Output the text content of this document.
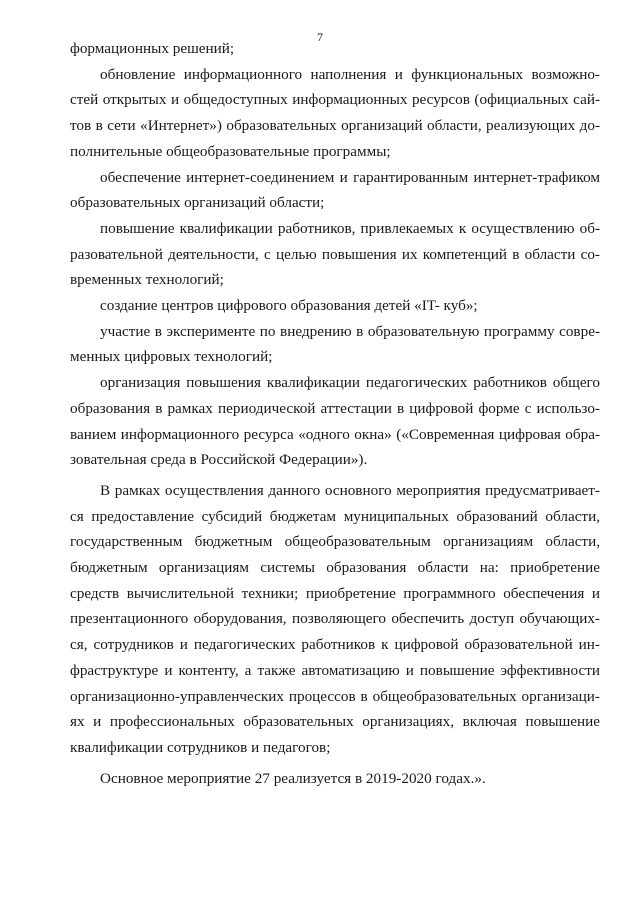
7
формационных решений;
обновление информационного наполнения и функциональных возможно-
стей открытых и общедоступных информационных ресурсов (официальных сай-
тов в сети «Интернет») образовательных организаций области, реализующих до-
полнительные общеобразовательные программы;
обеспечение интернет-соединением и гарантированным интернет-трафиком
образовательных организаций области;
повышение квалификации работников, привлекаемых к осуществлению об-
разовательной деятельности, с целью повышения их компетенций в области со-
временных технологий;
создание центров цифрового образования детей «IT- куб»;
участие в эксперименте по внедрению в образовательную программу совре-
менных цифровых технологий;
организация повышения квалификации педагогических работников общего
образования в рамках периодической аттестации в цифровой форме с использо-
ванием информационного ресурса «одного окна» («Современная цифровая обра-
зовательная среда в Российской Федерации»).
В рамках осуществления данного основного мероприятия предусматривает-
ся предоставление субсидий бюджетам муниципальных образований области,
государственным бюджетным общеобразовательным организациям области,
бюджетным организациям системы образования области на: приобретение
средств вычислительной техники; приобретение программного обеспечения и
презентационного оборудования, позволяющего обеспечить доступ обучающих-
ся, сотрудников и педагогических работников к цифровой образовательной ин-
фраструктуре и контенту, а также автоматизацию и повышение эффективности
организационно-управленческих процессов в общеобразовательных организаци-
ях и профессиональных образовательных организациях, включая повышение
квалификации сотрудников и педагогов;
Основное мероприятие 27 реализуется в 2019-2020 годах.».
